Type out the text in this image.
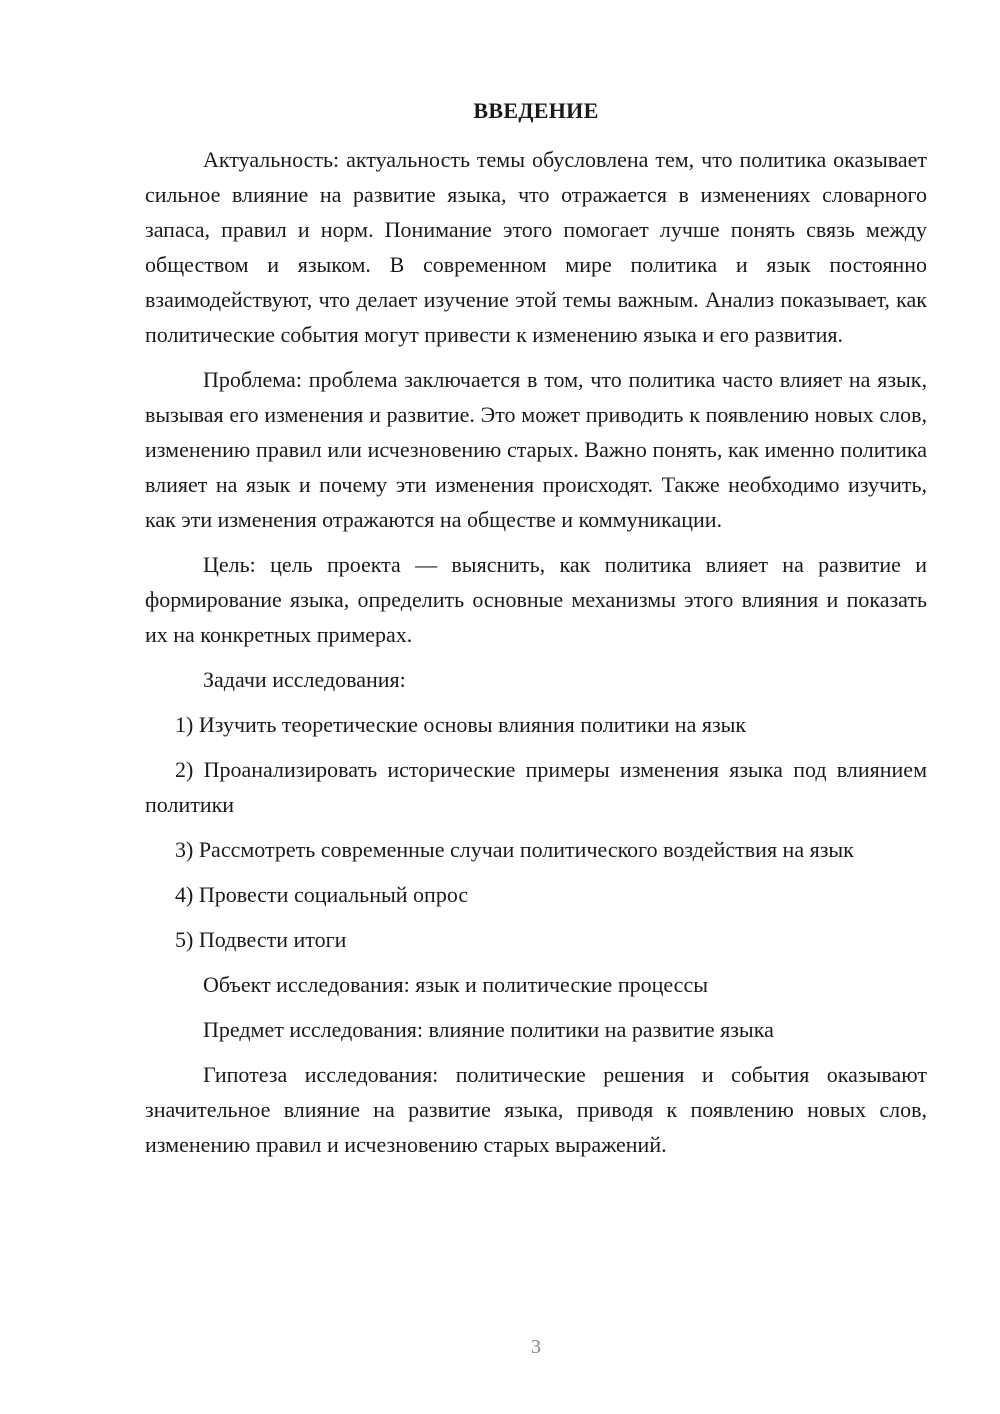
ВВЕДЕНИЕ

Актуальность: актуальность темы обусловлена тем, что политика оказывает сильное влияние на развитие языка, что отражается в изменениях словарного запаса, правил и норм. Понимание этого помогает лучше понять связь между обществом и языком. В современном мире политика и язык постоянно взаимодействуют, что делает изучение этой темы важным. Анализ показывает, как политические события могут привести к изменению языка и его развития.

Проблема: проблема заключается в том, что политика часто влияет на язык, вызывая его изменения и развитие. Это может приводить к появлению новых слов, изменению правил или исчезновению старых. Важно понять, как именно политика влияет на язык и почему эти изменения происходят. Также необходимо изучить, как эти изменения отражаются на обществе и коммуникации.

Цель: цель проекта — выяснить, как политика влияет на развитие и формирование языка, определить основные механизмы этого влияния и показать их на конкретных примерах.

Задачи исследования:

1) Изучить теоретические основы влияния политики на язык

2) Проанализировать исторические примеры изменения языка под влиянием политики

3) Рассмотреть современные случаи политического воздействия на язык

4) Провести социальный опрос

5) Подвести итоги

Объект исследования: язык и политические процессы

Предмет исследования: влияние политики на развитие языка

Гипотеза исследования: политические решения и события оказывают значительное влияние на развитие языка, приводя к появлению новых слов, изменению правил и исчезновению старых выражений.

3
